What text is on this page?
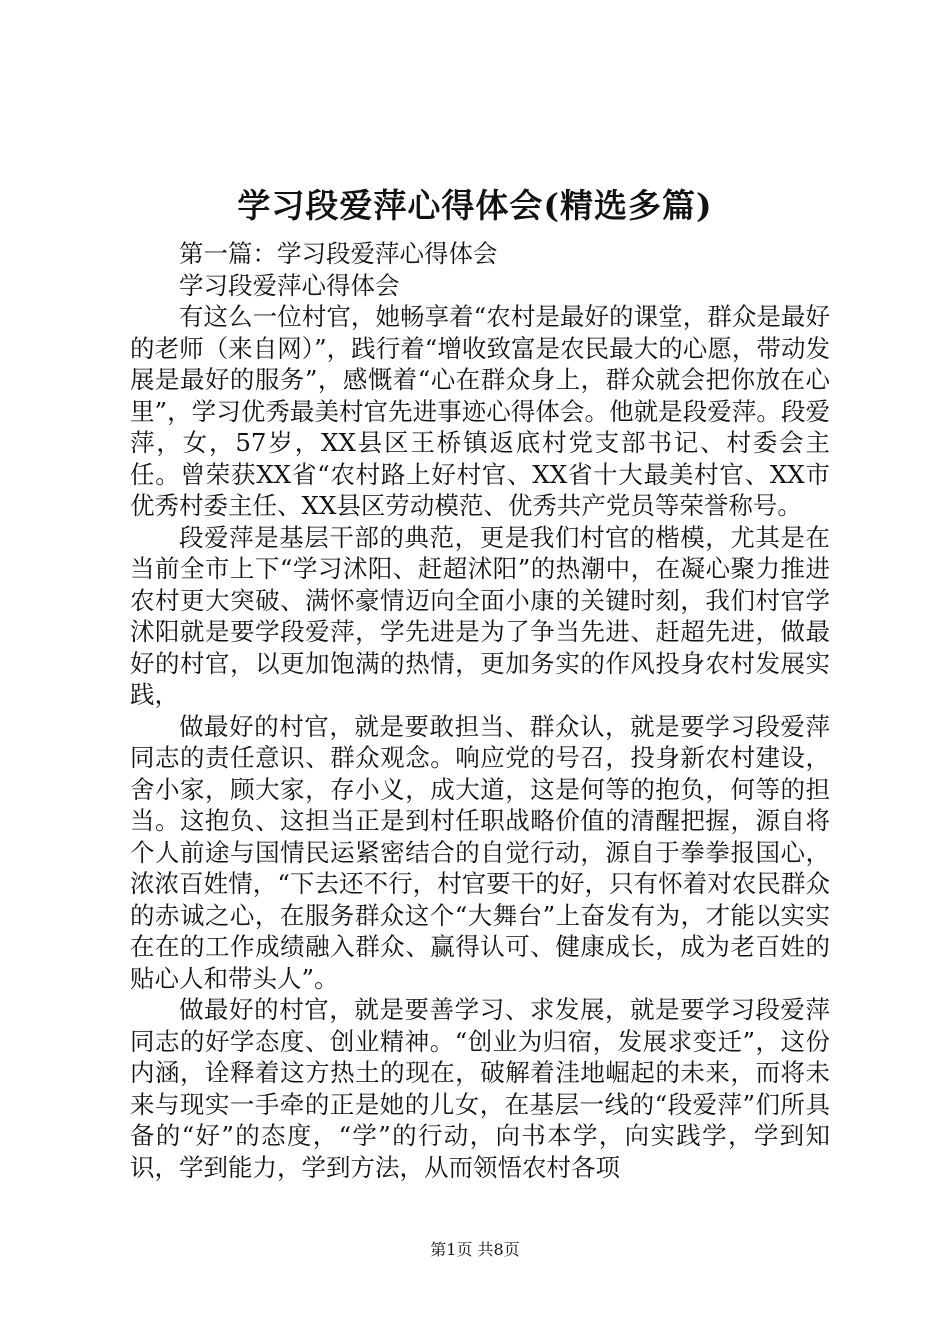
学习段爱萍心得体会(精选多篇)

第一篇：学习段爱萍心得体会

学习段爱萍心得体会

有这么一位村官，她畅享着“农村是最好的课堂，群众是最好的老师（来自网）”，践行着“增收致富是农民最大的心愿，带动发展是最好的服务”，感慨着“心在群众身上，群众就会把你放在心里”，学习优秀最美村官先进事迹心得体会。他就是段爱萍。段爱萍，女，57岁，XX县区王桥镇返底村党支部书记、村委会主任。曾荣获XX省“农村路上好村官、XX省十大最美村官、XX市优秀村委主任、XX县区劳动模范、优秀共产党员等荣誉称号。

段爱萍是基层干部的典范，更是我们村官的楷模，尤其是在当前全市上下“学习沭阳、赶超沭阳”的热潮中，在凝心聚力推进农村更大突破、满怀豪情迈向全面小康的关键时刻，我们村官学沭阳就是要学段爱萍，学先进是为了争当先进、赶超先进，做最好的村官，以更加饱满的热情，更加务实的作风投身农村发展实践，

做最好的村官，就是要敢担当、群众认，就是要学习段爱萍同志的责任意识、群众观念。响应党的号召，投身新农村建设，舍小家，顾大家，存小义，成大道，这是何等的抱负，何等的担当。这抱负、这担当正是到村任职战略价值的清醒把握，源自将个人前途与国情民运紧密结合的自觉行动，源自于拳拳报国心，浓浓百姓情，“下去还不行，村官要干的好，只有怀着对农民群众的赤诚之心，在服务群众这个“大舞台”上奋发有为，才能以实实在在的工作成绩融入群众、赢得认可、健康成长，成为老百姓的贴心人和带头人”。

做最好的村官，就是要善学习、求发展，就是要学习段爱萍同志的好学态度、创业精神。“创业为归宿，发展求变迁”，这份内涵，诠释着这方热土的现在，破解着洼地崛起的未来，而将未来与现实一手牵的正是她的儿女，在基层一线的“段爱萍”们所具备的“好”的态度，“学”的行动，向书本学，向实践学，学到知识，学到能力，学到方法，从而领悟农村各项

第1页 共8页
